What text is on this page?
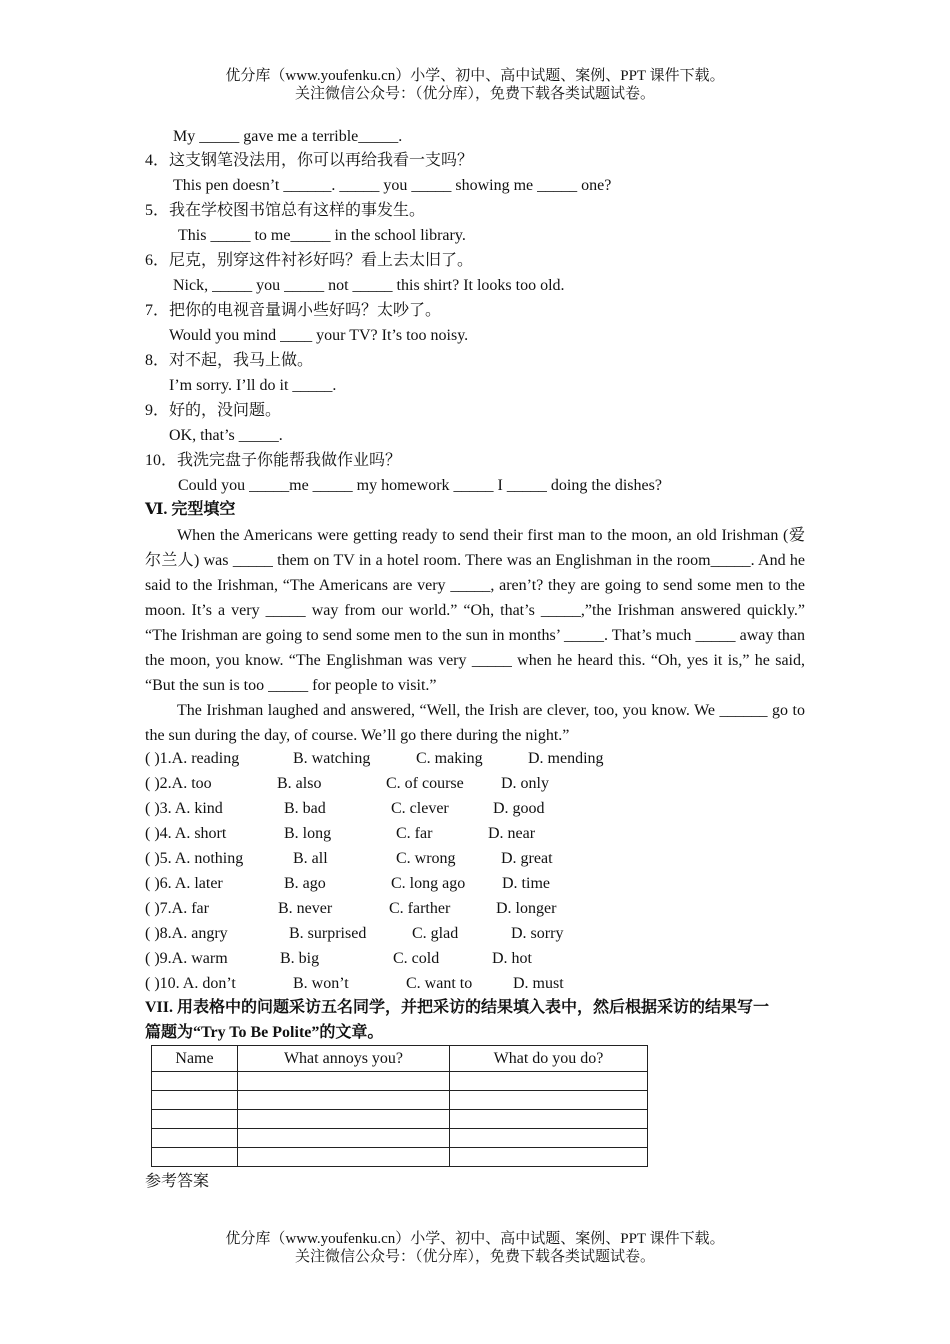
优分库（www.youfenku.cn）小学、初中、高中试题、案例、PPT 课件下载。
关注微信公众号：（优分库），免费下载各类试题试卷。
My _____ gave me a terrible_____.
4．这支钢笔没法用，你可以再给我看一支吗？
This pen doesn’t ______. _____ you _____ showing me _____ one?
5．我在学校图书馆总有这样的事发生。
This _____ to me_____ in the school library.
6．尼克，别穿这件衬衫好吗？看上去太旧了。
Nick, _____ you _____ not _____ this shirt? It looks too old.
7．把你的电视音量调小些好吗？太吵了。
Would you mind ____ your TV? It’s too noisy.
8．对不起，我马上做。
I’m sorry. I’ll do it _____.
9．好的，没问题。
OK, that’s _____.
10．我洗完盘子你能帮我做作业吗？
Could you _____me _____ my homework _____ I _____ doing the dishes?
Ⅵ. 完型填空

When the Americans were getting ready to send their first man to the moon, an old Irishman (爱尔兰人) was _____ them on TV in a hotel room. There was an Englishman in the room_____. And he said to the Irishman, “The Americans are very _____, aren’t? they are going to send some men to the moon. It’s a very _____ way from our world.” “Oh, that’s _____,”the Irishman answered quickly.” “The Irishman are going to send some men to the sun in months’ _____. That’s much _____ away than the moon, you know. “The Englishman was very _____ when he heard this. “Oh, yes it is,” he said, “But the sun is too _____ for people to visit.”

The Irishman laughed and answered, “Well, the Irish are clever, too, you know. We ______ go to the sun during the day, of course. We’ll go there during the night.”

( )1.A. reading	B. watching	C. making	D. mending
( )2.A. too	B. also	C. of course D. only
( )3. A. kind	B. bad	C. clever	D. good
( )4. A. short	B. long	C. far	D. near
( )5. A. nothing	B. all	C. wrong	D. great
( )6. A. later	B. ago	C. long ago D. time
( )7.A. far	B. never	C. farther	D. longer
( )8.A. angry	B. surprised	C. glad	D. sorry
( )9.A. warm	B. big	C. cold	D. hot
( )10. A. don’t	B. won’t	C. want to	D. must
VII. 用表格中的问题采访五名同学，并把采访的结果填入表中，然后根据采访的结果写一
篇题为“Try To Be Polite”的文章。
Name	What annoys you?	What do you do?

参考答案
优分库（www.youfenku.cn）小学、初中、高中试题、案例、PPT 课件下载。
关注微信公众号：（优分库），免费下载各类试题试卷。
